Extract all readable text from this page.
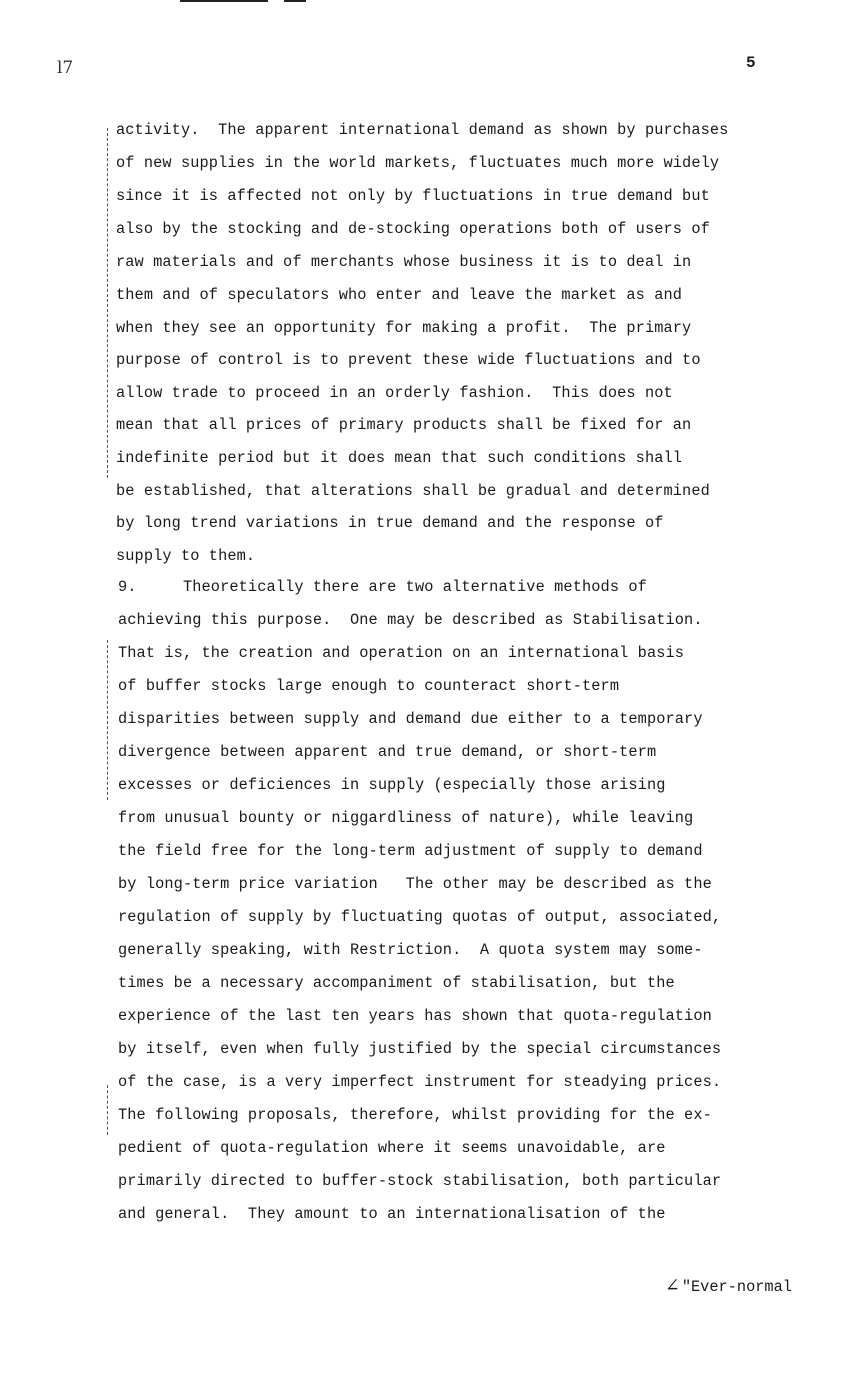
l7	5

activity.  The apparent international demand as shown by purchases

of new supplies in the world markets, fluctuates much more widely

since it is affected not only by fluctuations in true demand but

also by the stocking and de-stocking operations both of users of

raw materials and of merchants whose business it is to deal in

them and of speculators who enter and leave the market as and

when they see an opportunity for making a profit.  The primary

purpose of control is to prevent these wide fluctuations and to

allow trade to proceed in an orderly fashion.  This does not

mean that all prices of primary products shall be fixed for an

indefinite period but it does mean that such conditions shall

be established, that alterations shall be gradual and determined

by long trend variations in true demand and the response of

supply to them.

9.     Theoretically there are two alternative methods of

achieving this purpose.  One may be described as Stabilisation.

That is, the creation and operation on an international basis

of buffer stocks large enough to counteract short-term

disparities between supply and demand due either to a temporary

divergence between apparent and true demand, or short-term

excesses or deficiences in supply (especially those arising

from unusual bounty or niggardliness of nature), while leaving

the field free for the long-term adjustment of supply to demand

by long-term price variation   The other may be described as the

regulation of supply by fluctuating quotas of output, associated,

generally speaking, with Restriction.  A quota system may some-

times be a necessary accompaniment of stabilisation, but the

experience of the last ten years has shown that quota-regulation

by itself, even when fully justified by the special circumstances

of the case, is a very imperfect instrument for steadying prices.

The following proposals, therefore, whilst providing for the ex-

pedient of quota-regulation where it seems unavoidable, are

primarily directed to buffer-stock stabilisation, both particular

and general.  They amount to an internationalisation of the

∠ "Ever-normal
